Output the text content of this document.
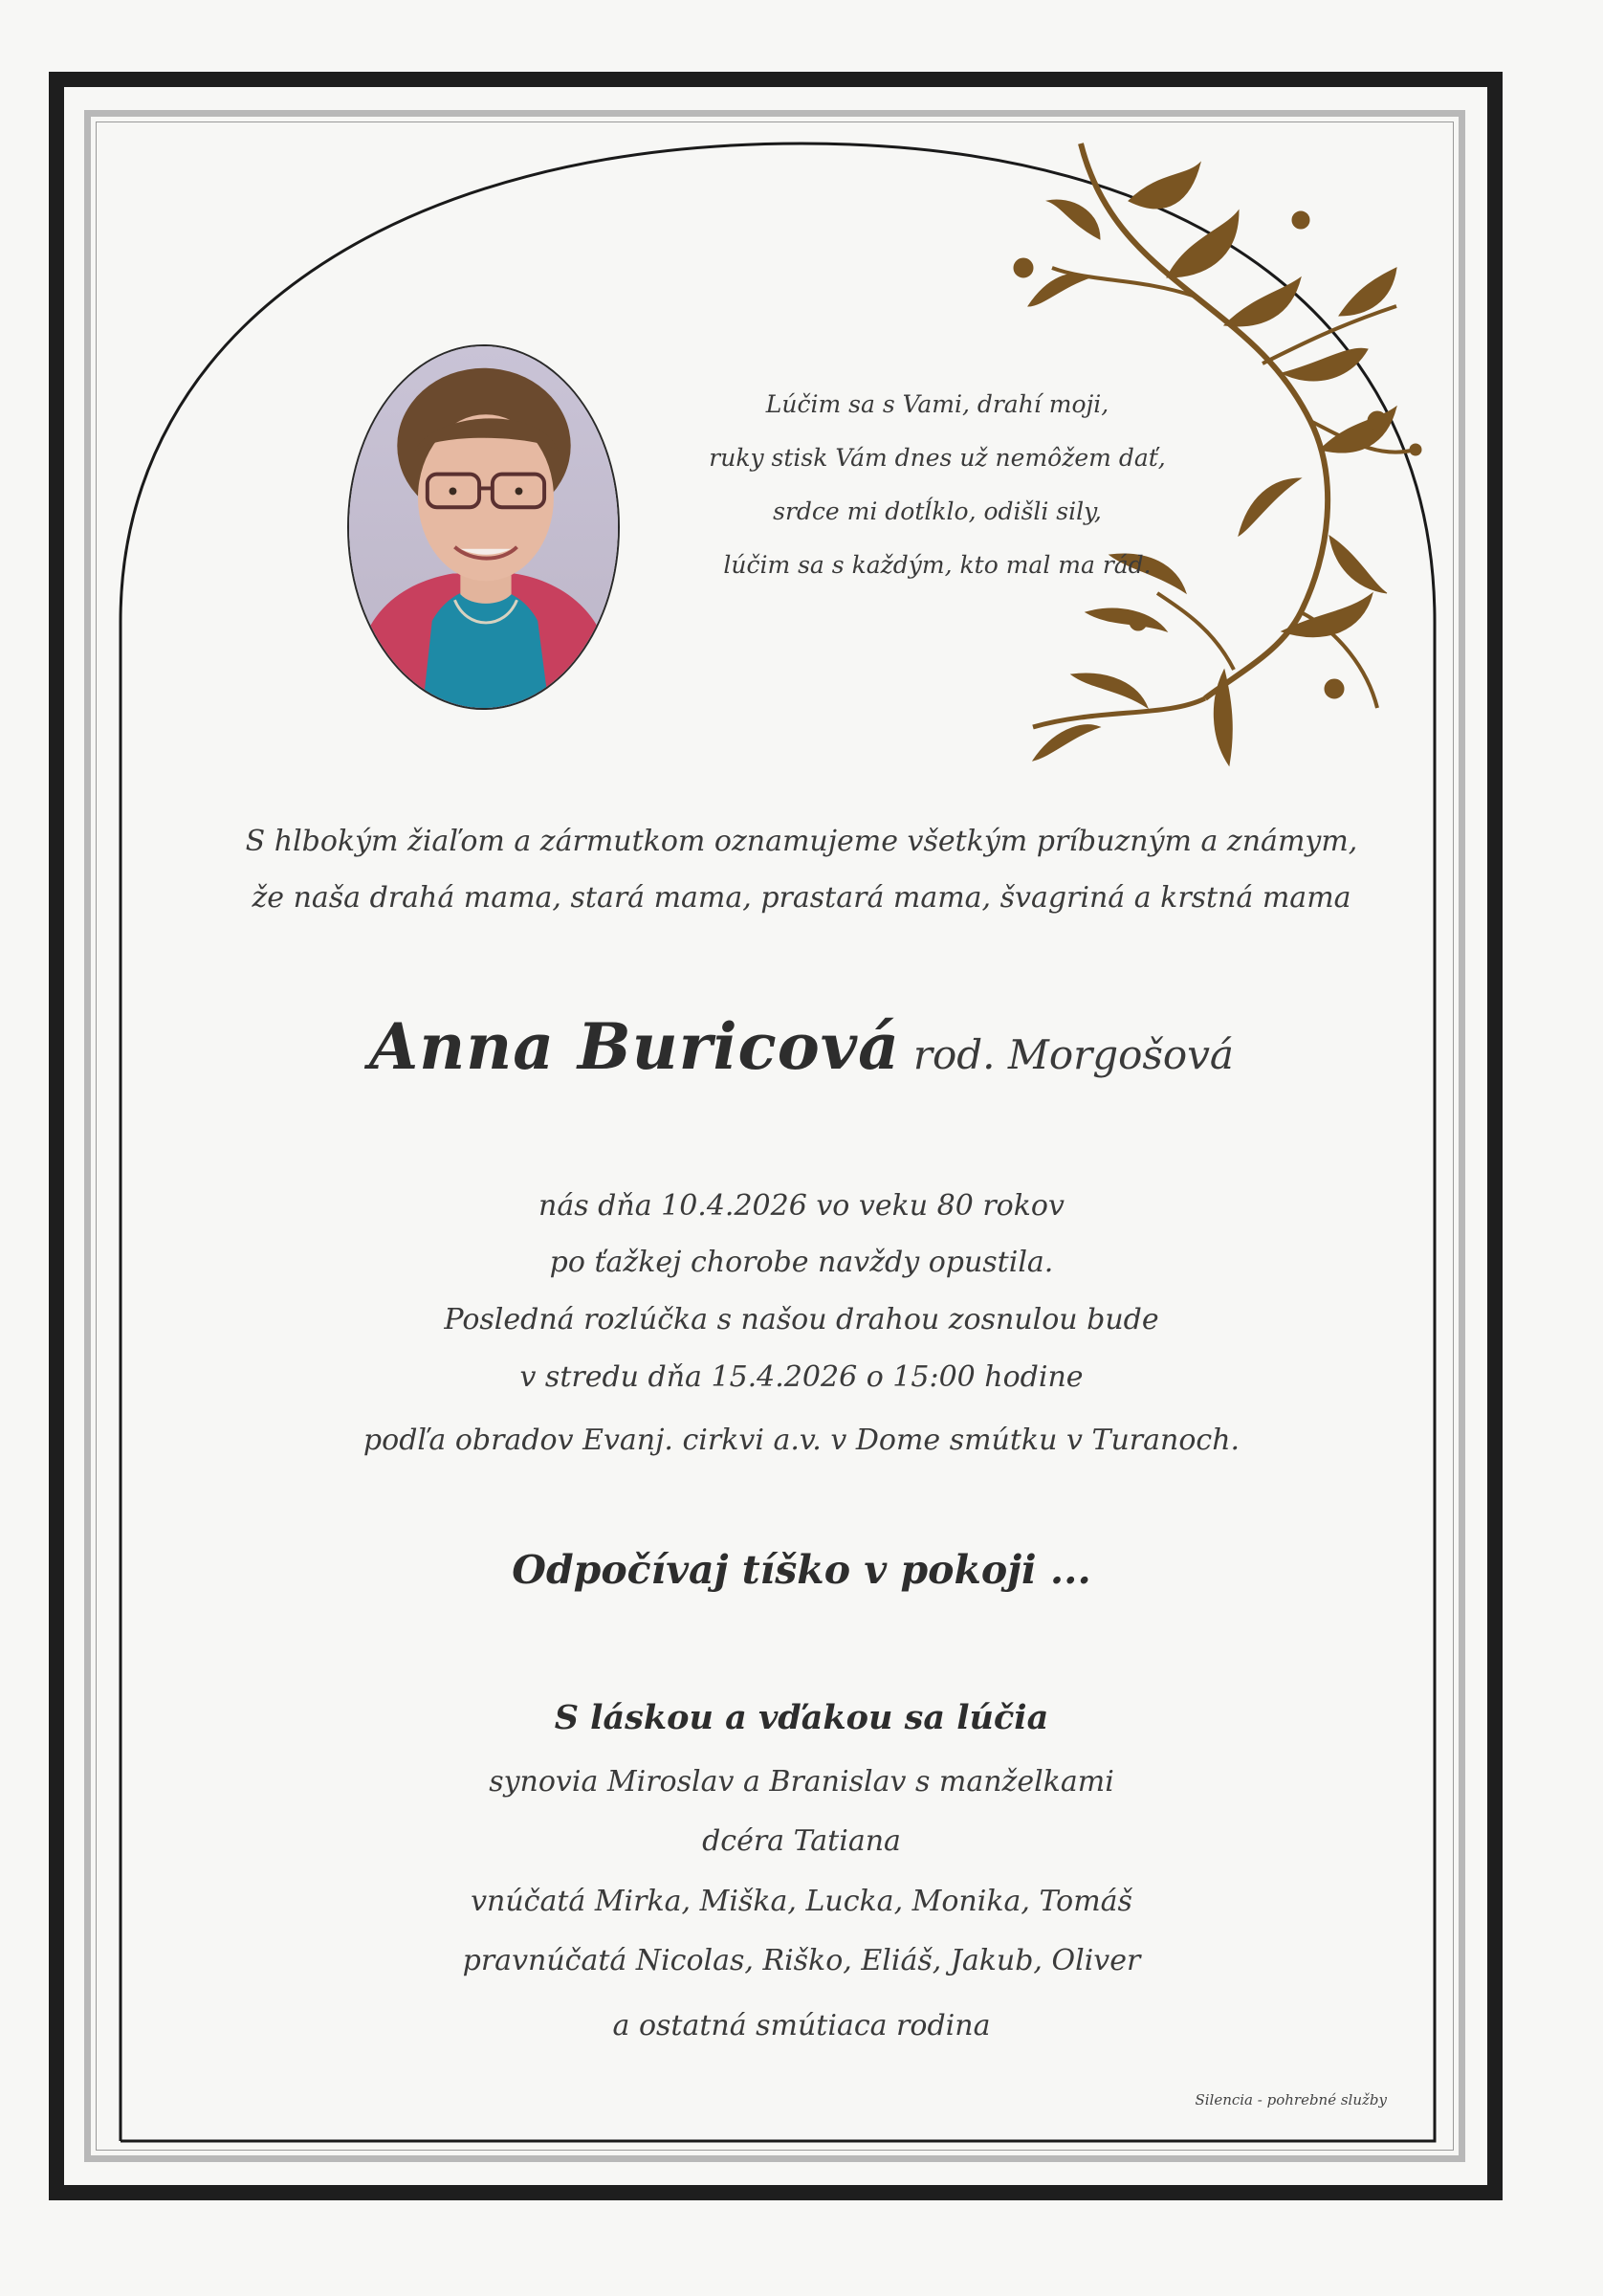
Lúčim sa s Vami, drahí moji,
ruky stisk Vám dnes už nemôžem dať,
srdce mi dotĺklo, odišli sily,
lúčim sa s každým, kto mal ma rád.
S hlbokým žiaľom a zármutkom oznamujeme všetkým príbuzným a známym,
že naša drahá mama, stará mama, prastará mama, švagriná a krstná mama
Anna Buricová rod. Morgošová
nás dňa 10.4.2026 vo veku 80 rokov
po ťažkej chorobe navždy opustila.
Posledná rozlúčka s našou drahou zosnulou bude
v stredu dňa 15.4.2026 o 15:00 hodine
podľa obradov Evanj. cirkvi a.v. v Dome smútku v Turanoch.
Odpočívaj tíško v pokoji ...
S láskou a vďakou sa lúčia
synovia Miroslav a Branislav s manželkami
dcéra Tatiana
vnúčatá Mirka, Miška, Lucka, Monika, Tomáš
pravnúčatá Nicolas, Riško, Eliáš, Jakub, Oliver
a ostatná smútiaca rodina
Silencia - pohrebné služby
